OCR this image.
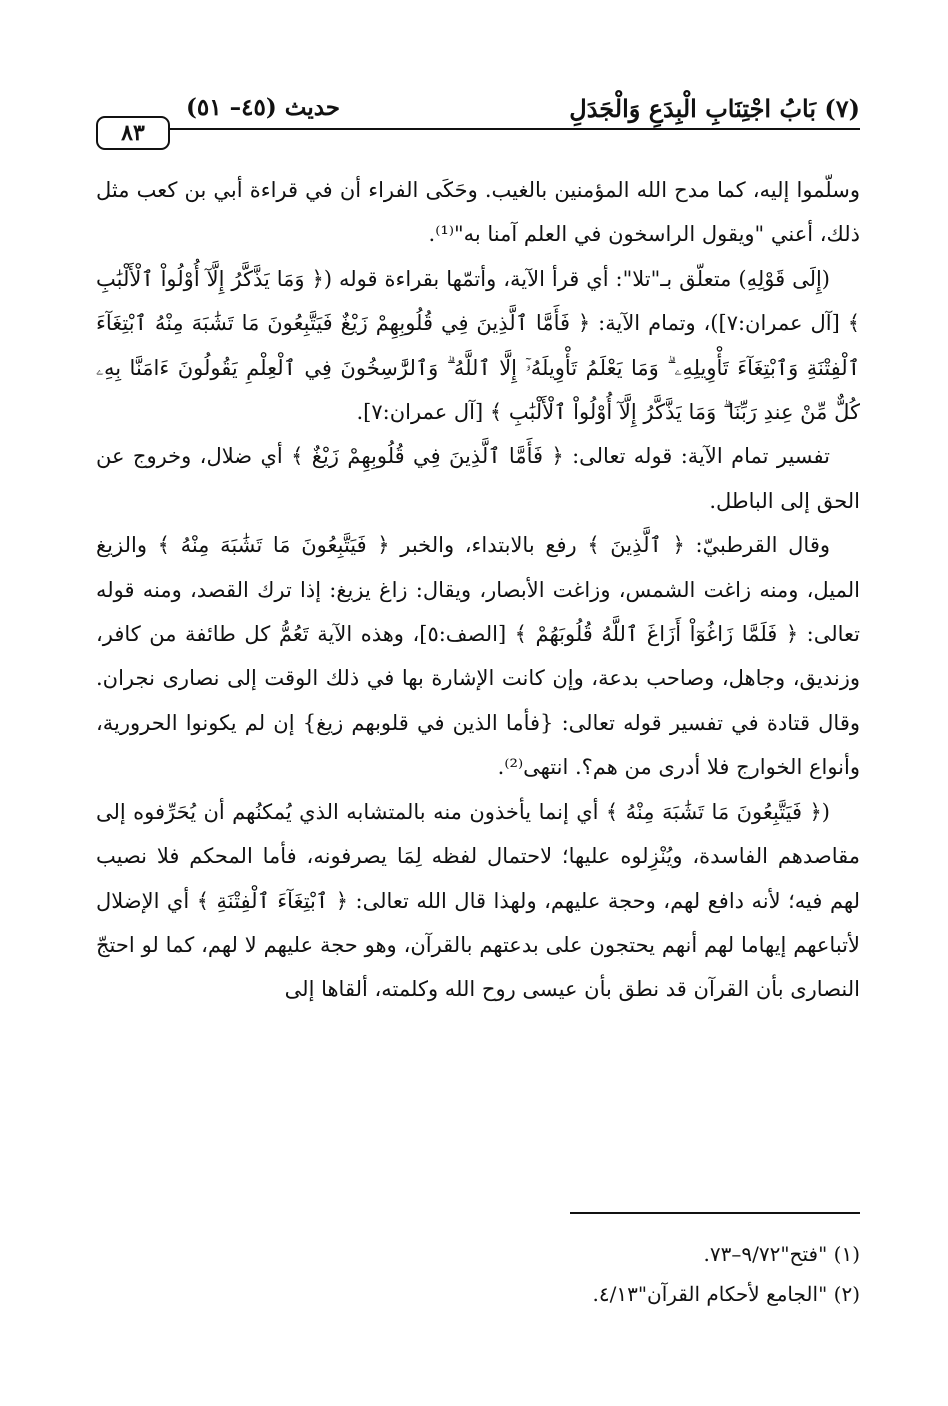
(٧) بَابُ اجْتِنَابِ الْبِدَعِ وَالْجَدَلِ
حديث (٤٥– ٥١)
٨٣

وسلّموا إليه، كما مدح الله المؤمنين بالغيب. وحَكَى الفراء أن في قراءة أبي بن كعب مثل ذلك، أعني "ويقول الراسخون في العلم آمنا به"⁽¹⁾.

(إِلَى قَوْلِهِ) متعلّق بـ"تلا": أي قرأ الآية، وأتمّها بقراءة قوله (﴿ وَمَا يَذَّكَّرُ إِلَّآ أُوْلُواْ ٱلْأَلْبَٰبِ ﴾ [آل عمران:٧])، وتمام الآية: ﴿ فَأَمَّا ٱلَّذِينَ فِي قُلُوبِهِمْ زَيْغٌ فَيَتَّبِعُونَ مَا تَشَٰبَهَ مِنْهُ ٱبْتِغَآءَ ٱلْفِتْنَةِ وَٱبْتِغَآءَ تَأْوِيلِهِۦ ۗ وَمَا يَعْلَمُ تَأْوِيلَهُۥٓ إِلَّا ٱللَّهُ ۗ وَٱلرَّٰسِخُونَ فِي ٱلْعِلْمِ يَقُولُونَ ءَامَنَّا بِهِۦ كُلٌّ مِّنْ عِندِ رَبِّنَا ۗ وَمَا يَذَّكَّرُ إِلَّآ أُوْلُواْ ٱلْأَلْبَٰبِ ﴾ [آل عمران:٧].

تفسير تمام الآية: قوله تعالى: ﴿ فَأَمَّا ٱلَّذِينَ فِي قُلُوبِهِمْ زَيْغٌ ﴾ أي ضلال، وخروج عن الحق إلى الباطل.

وقال القرطبيّ: ﴿ ٱلَّذِينَ ﴾ رفع بالابتداء، والخبر ﴿ فَيَتَّبِعُونَ مَا تَشَٰبَهَ مِنْهُ ﴾ والزيغ الميل، ومنه زاغت الشمس، وزاغت الأبصار، ويقال: زاغ يزيغ: إذا ترك القصد، ومنه قوله تعالى: ﴿ فَلَمَّا زَاغُوٓاْ أَزَاغَ ٱللَّهُ قُلُوبَهُمْ ﴾ [الصف:٥]، وهذه الآية تَعُمُّ كل طائفة من كافر، وزنديق، وجاهل، وصاحب بدعة، وإن كانت الإشارة بها في ذلك الوقت إلى نصارى نجران. وقال قتادة في تفسير قوله تعالى: {فأما الذين في قلوبهم زيغ} إن لم يكونوا الحرورية، وأنواع الخوارج فلا أدرى من هم؟. انتهى⁽²⁾.

(﴿ فَيَتَّبِعُونَ مَا تَشَٰبَهَ مِنْهُ ﴾ أي إنما يأخذون منه بالمتشابه الذي يُمكنُهم أن يُحَرِّفوه إلى مقاصدهم الفاسدة، ويُنْزِلوه عليها؛ لاحتمال لفظه لِمَا يصرفونه، فأما المحكم فلا نصيب لهم فيه؛ لأنه دافع لهم، وحجة عليهم، ولهذا قال الله تعالى: ﴿ ٱبْتِغَآءَ ٱلْفِتْنَةِ ﴾ أي الإضلال لأتباعهم إيهاما لهم أنهم يحتجون على بدعتهم بالقرآن، وهو حجة عليهم لا لهم، كما لو احتجّ النصارى بأن القرآن قد نطق بأن عيسى روح الله وكلمته، ألقاها إلى

(١) "فتح"٩/٧٢–٧٣.
(٢) "الجامع لأحكام القرآن"٤/١٣.
